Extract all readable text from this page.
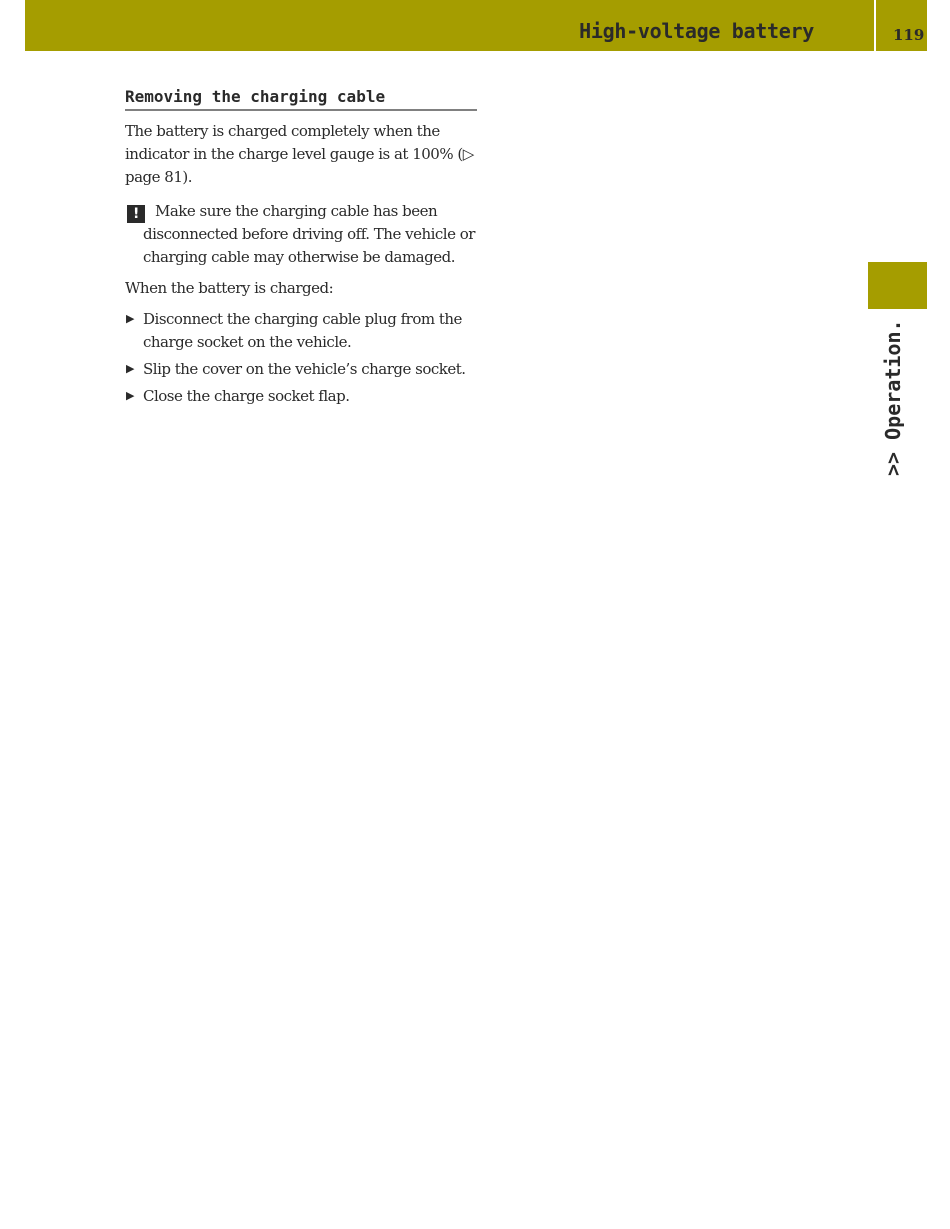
High-voltage battery	119
>> Operation.
Removing the charging cable

The battery is charged completely when the indicator in the charge level gauge is at 100% (▷ page 81).

! Make sure the charging cable has been disconnected before driving off. The vehicle or charging cable may otherwise be damaged.

When the battery is charged:

▶ Disconnect the charging cable plug from the charge socket on the vehicle.
▶ Slip the cover on the vehicle’s charge socket.
▶ Close the charge socket flap.
